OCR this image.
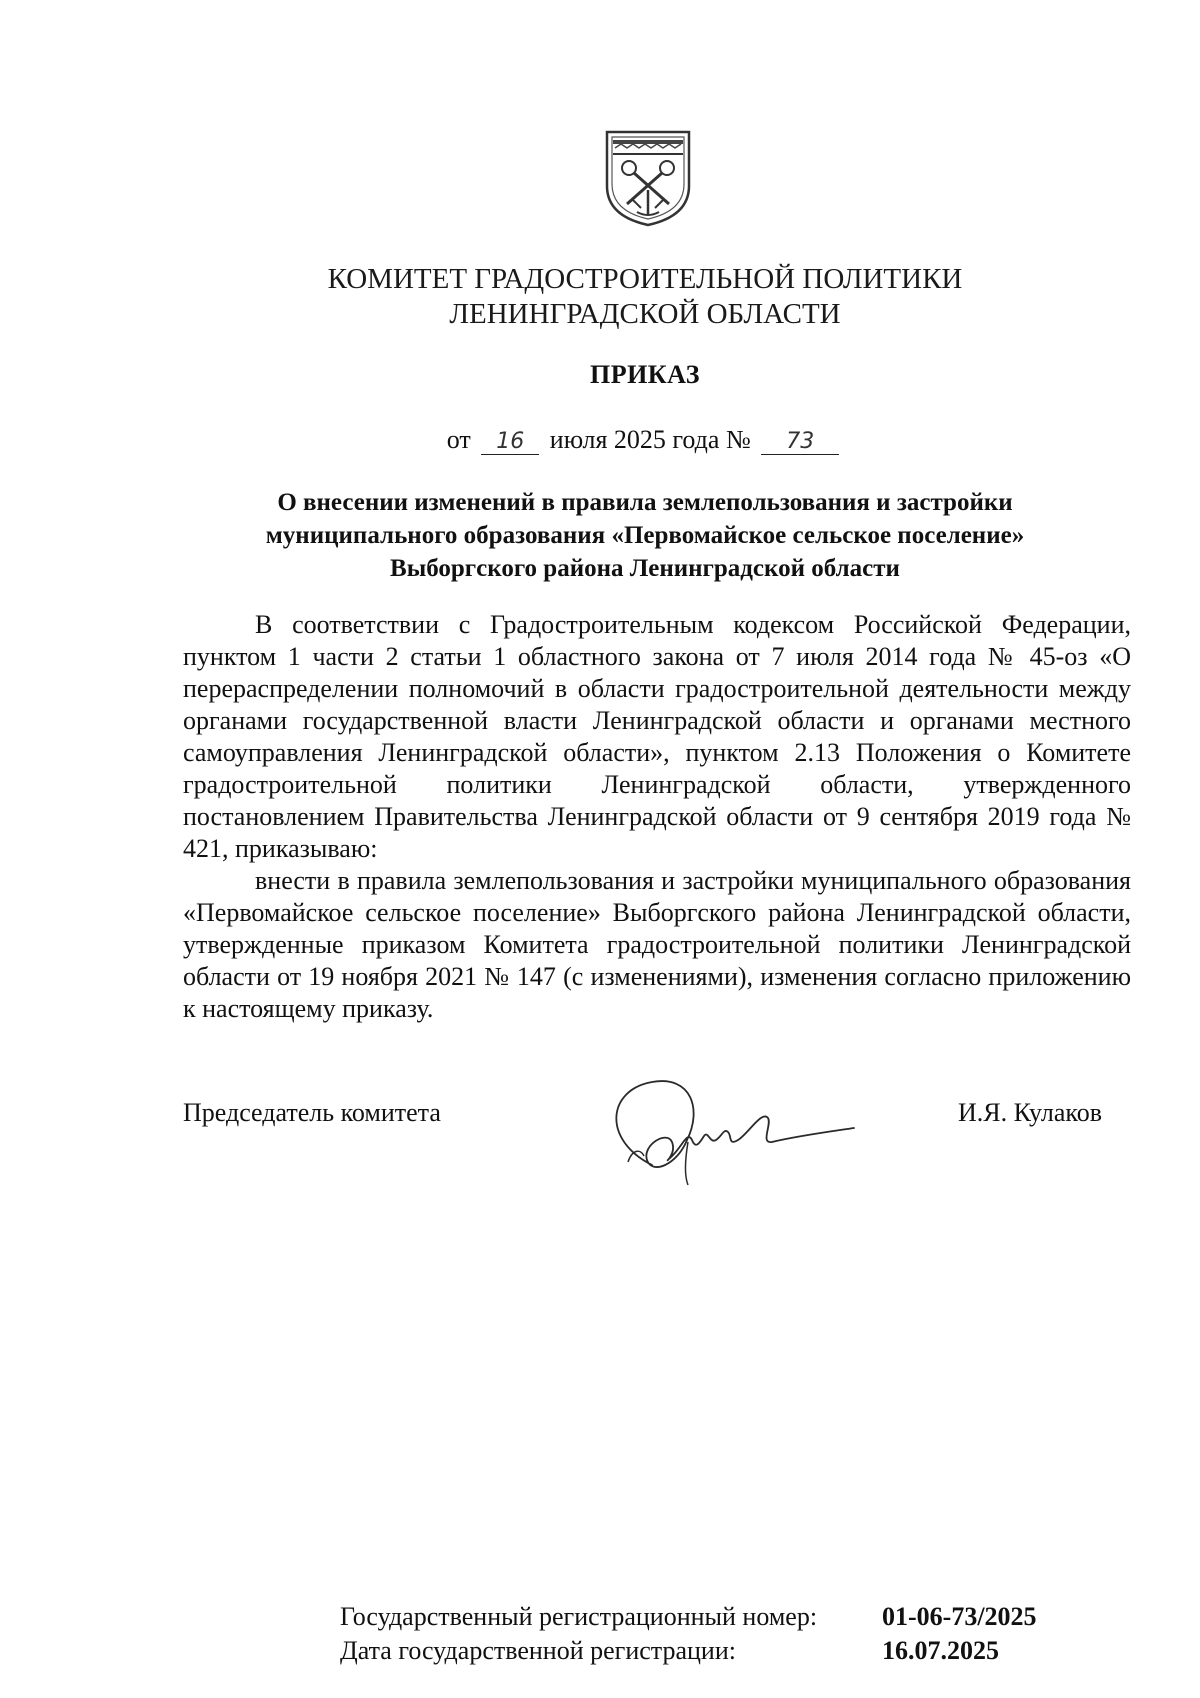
КОМИТЕТ ГРАДОСТРОИТЕЛЬНОЙ ПОЛИТИКИ
ЛЕНИНГРАДСКОЙ ОБЛАСТИ
ПРИКАЗ
от 16 июля 2025 года № 73
О внесении изменений в правила землепользования и застройки
муниципального образования «Первомайское сельское поселение»
Выборгского района Ленинградской области

В соответствии с Градостроительным кодексом Российской Федерации, пунктом 1 части 2 статьи 1 областного закона от 7 июля 2014 года № 45-оз «О перераспределении полномочий в области градостроительной деятельности между органами государственной власти Ленинградской области и органами местного самоуправления Ленинградской области», пунктом 2.13 Положения о Комитете градостроительной политики Ленинградской области, утвержденного постановлением Правительства Ленинградской области от 9 сентября 2019 года № 421, приказываю:

внести в правила землепользования и застройки муниципального образования «Первомайское сельское поселение» Выборгского района Ленинградской области, утвержденные приказом Комитета градостроительной политики Ленинградской области от 19 ноября 2021 № 147 (с изменениями), изменения согласно приложению к настоящему приказу.

Председатель комитета	И.Я. Кулаков
Государственный регистрационный номер:	01-06-73/2025
Дата государственной регистрации:	16.07.2025
